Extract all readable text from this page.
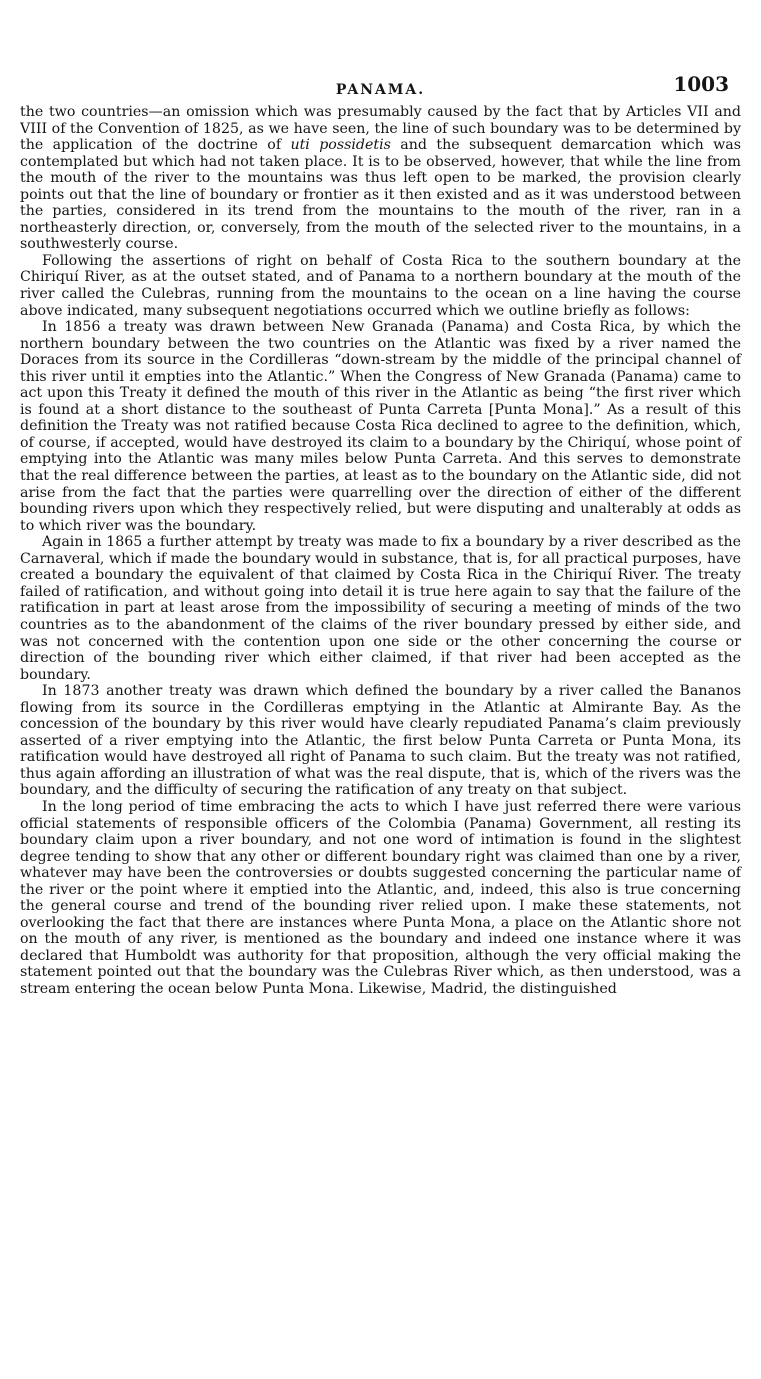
PANAMA.	1003

the two countries—an omission which was presumably caused by the fact that by Articles VII and VIII of the Convention of 1825, as we have seen, the line of such boundary was to be determined by the application of the doctrine of uti possidetis and the subsequent demarcation which was contemplated but which had not taken place. It is to be observed, however, that while the line from the mouth of the river to the mountains was thus left open to be marked, the provision clearly points out that the line of boundary or frontier as it then existed and as it was understood between the parties, considered in its trend from the mountains to the mouth of the river, ran in a northeasterly direction, or, conversely, from the mouth of the selected river to the mountains, in a southwesterly course.

Following the assertions of right on behalf of Costa Rica to the southern boundary at the Chiriquí River, as at the outset stated, and of Panama to a northern boundary at the mouth of the river called the Culebras, running from the mountains to the ocean on a line having the course above indicated, many subsequent negotiations occurred which we outline briefly as follows:

In 1856 a treaty was drawn between New Granada (Panama) and Costa Rica, by which the northern boundary between the two countries on the Atlantic was fixed by a river named the Doraces from its source in the Cordilleras “down-stream by the middle of the principal channel of this river until it empties into the Atlantic.” When the Congress of New Granada (Panama) came to act upon this Treaty it defined the mouth of this river in the Atlantic as being “the first river which is found at a short distance to the southeast of Punta Carreta [Punta Mona].” As a result of this definition the Treaty was not ratified because Costa Rica declined to agree to the definition, which, of course, if accepted, would have destroyed its claim to a boundary by the Chiriquí, whose point of emptying into the Atlantic was many miles below Punta Carreta. And this serves to demonstrate that the real difference between the parties, at least as to the boundary on the Atlantic side, did not arise from the fact that the parties were quarrelling over the direction of either of the different bounding rivers upon which they respectively relied, but were disputing and unalterably at odds as to which river was the boundary.

Again in 1865 a further attempt by treaty was made to fix a boundary by a river described as the Carnaveral, which if made the boundary would in substance, that is, for all practical purposes, have created a boundary the equivalent of that claimed by Costa Rica in the Chiriquí River. The treaty failed of ratification, and without going into detail it is true here again to say that the failure of the ratification in part at least arose from the impossibility of securing a meeting of minds of the two countries as to the abandonment of the claims of the river boundary pressed by either side, and was not concerned with the contention upon one side or the other concerning the course or direction of the bounding river which either claimed, if that river had been accepted as the boundary.

In 1873 another treaty was drawn which defined the boundary by a river called the Bananos flowing from its source in the Cordilleras emptying in the Atlantic at Almirante Bay. As the concession of the boundary by this river would have clearly repudiated Panama’s claim previously asserted of a river emptying into the Atlantic, the first below Punta Carreta or Punta Mona, its ratification would have destroyed all right of Panama to such claim. But the treaty was not ratified, thus again affording an illustration of what was the real dispute, that is, which of the rivers was the boundary, and the difficulty of securing the ratification of any treaty on that subject.

In the long period of time embracing the acts to which I have just referred there were various official statements of responsible officers of the Colombia (Panama) Government, all resting its boundary claim upon a river boundary, and not one word of intimation is found in the slightest degree tending to show that any other or different boundary right was claimed than one by a river, whatever may have been the controversies or doubts suggested concerning the particular name of the river or the point where it emptied into the Atlantic, and, indeed, this also is true concerning the general course and trend of the bounding river relied upon. I make these statements, not overlooking the fact that there are instances where Punta Mona, a place on the Atlantic shore not on the mouth of any river, is mentioned as the boundary and indeed one instance where it was declared that Humboldt was authority for that proposition, although the very official making the statement pointed out that the boundary was the Culebras River which, as then understood, was a stream entering the ocean below Punta Mona. Likewise, Madrid, the distinguished
